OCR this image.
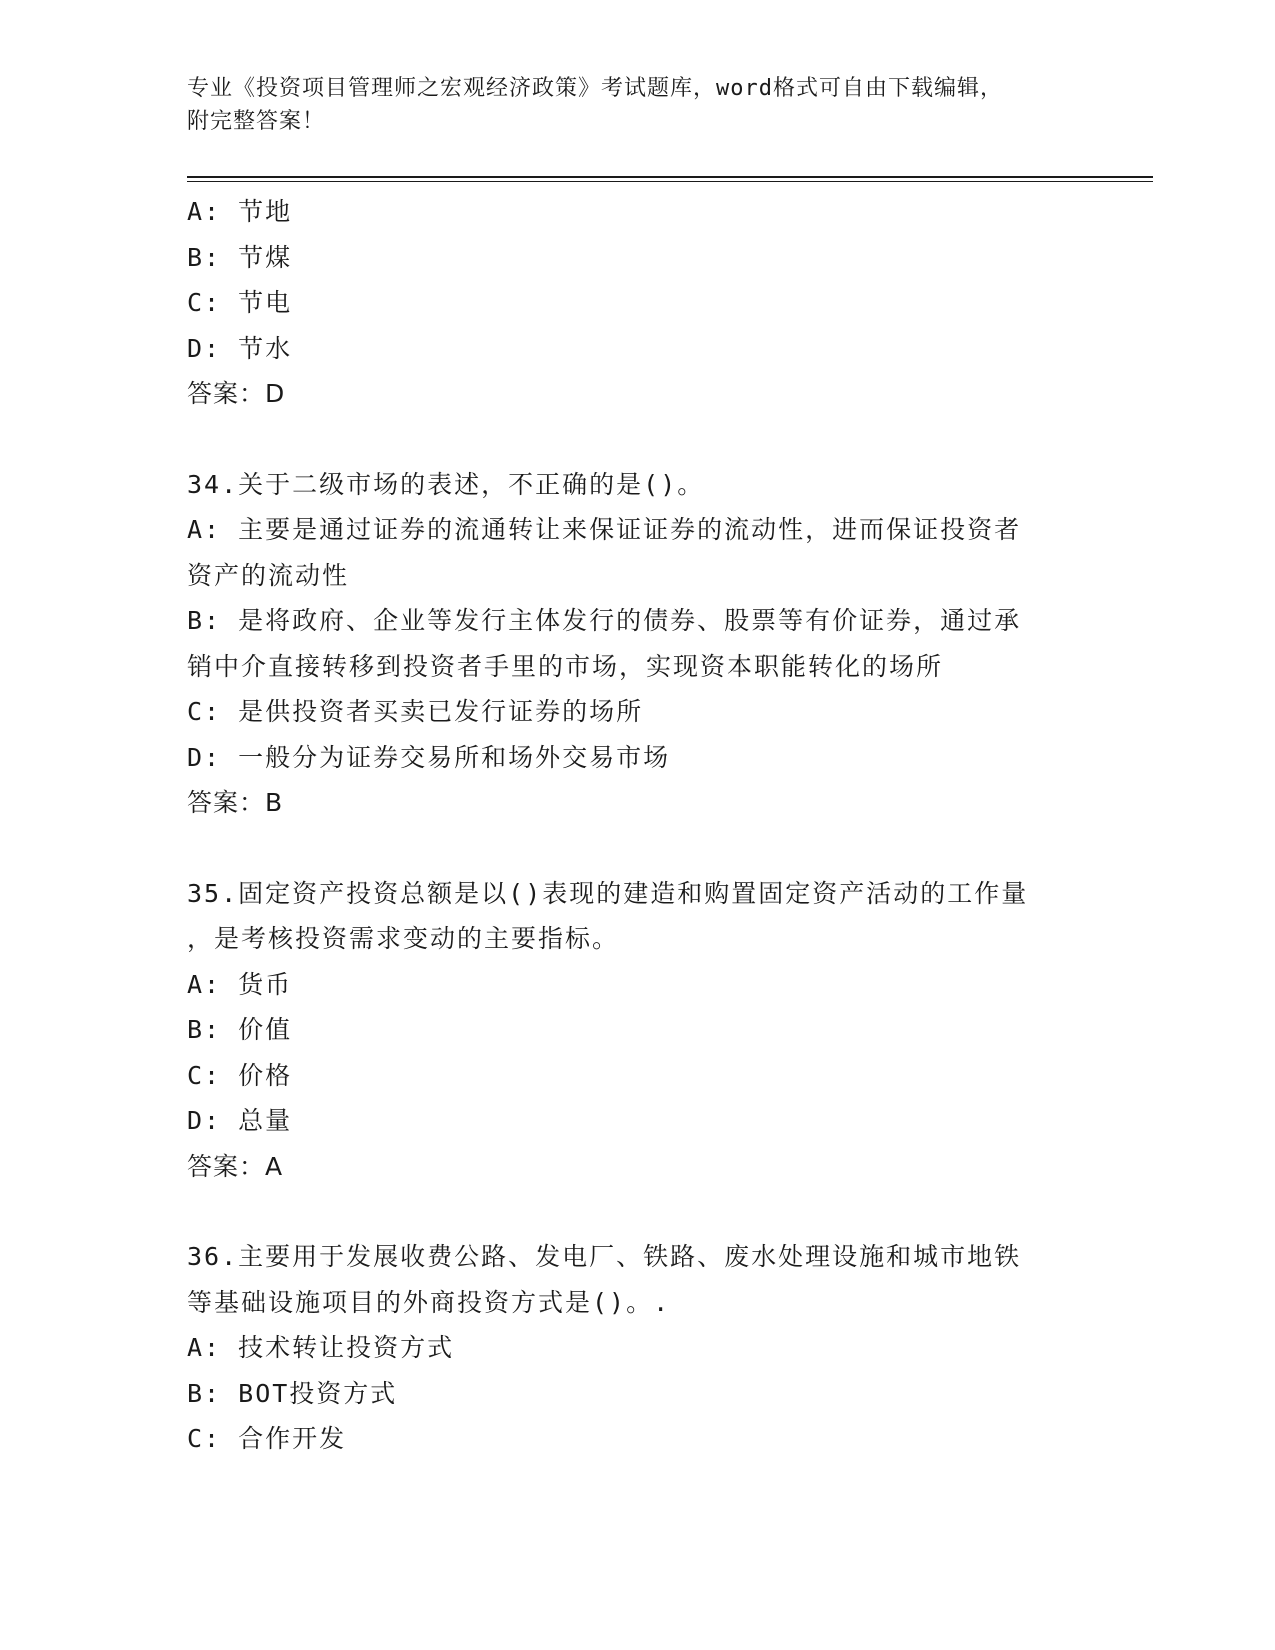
专业《投资项目管理师之宏观经济政策》考试题库，word格式可自由下载编辑，
附完整答案！
A: 节地
B: 节煤
C: 节电
D: 节水
答案：D
34.关于二级市场的表述，不正确的是()。
A: 主要是通过证券的流通转让来保证证券的流动性，进而保证投资者
资产的流动性
B: 是将政府、企业等发行主体发行的债券、股票等有价证券，通过承
销中介直接转移到投资者手里的市场，实现资本职能转化的场所
C: 是供投资者买卖已发行证券的场所
D: 一般分为证券交易所和场外交易市场
答案：B
35.固定资产投资总额是以()表现的建造和购置固定资产活动的工作量
，是考核投资需求变动的主要指标。
A: 货币
B: 价值
C: 价格
D: 总量
答案：A
36.主要用于发展收费公路、发电厂、铁路、废水处理设施和城市地铁
等基础设施项目的外商投资方式是()。.
A: 技术转让投资方式
B: BOT投资方式
C: 合作开发
